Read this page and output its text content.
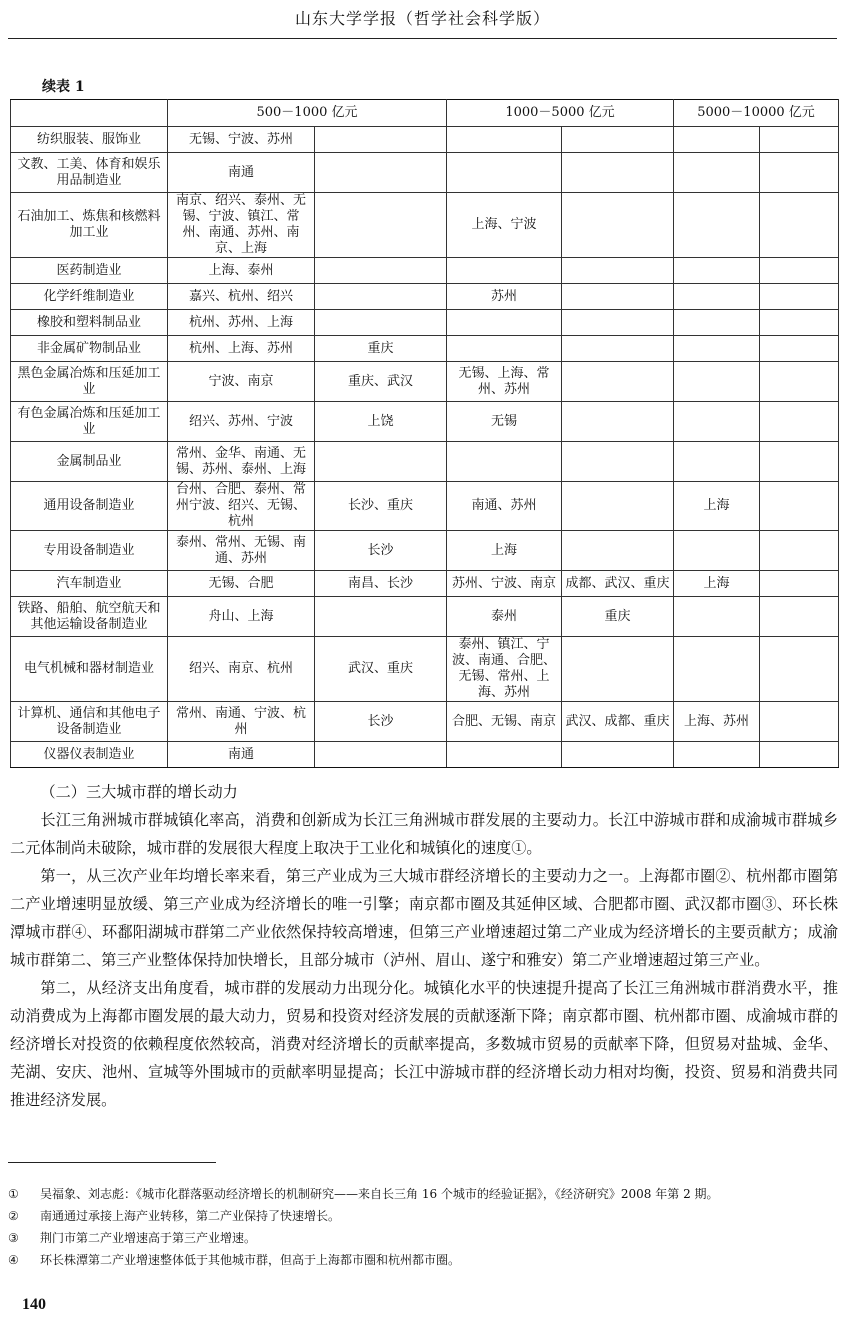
山东大学学报（哲学社会科学版）
续表 1
	500－1000 亿元		1000－5000 亿元		5000－10000 亿元	
纺织服装、服饰业	无锡、宁波、苏州					
文教、工美、体育和娱乐用品制造业	南通					
石油加工、炼焦和核燃料加工业	南京、绍兴、泰州、无锡、宁波、镇江、常州、南通、苏州、南京、上海		上海、宁波			
医药制造业	上海、泰州					
化学纤维制造业	嘉兴、杭州、绍兴		苏州			
橡胶和塑料制品业	杭州、苏州、上海					
非金属矿物制品业	杭州、上海、苏州	重庆				
黑色金属冶炼和压延加工业	宁波、南京	重庆、武汉	无锡、上海、常州、苏州			
有色金属冶炼和压延加工业	绍兴、苏州、宁波	上饶	无锡			
金属制品业	常州、金华、南通、无锡、苏州、泰州、上海					
通用设备制造业	台州、合肥、泰州、常州宁波、绍兴、无锡、杭州	长沙、重庆	南通、苏州		上海	
专用设备制造业	泰州、常州、无锡、南通、苏州	长沙	上海			
汽车制造业	无锡、合肥	南昌、长沙	苏州、宁波、南京	成都、武汉、重庆	上海	
铁路、船舶、航空航天和其他运输设备制造业	舟山、上海		泰州	重庆		
电气机械和器材制造业	绍兴、南京、杭州	武汉、重庆	泰州、镇江、宁波、南通、合肥、无锡、常州、上海、苏州			
计算机、通信和其他电子设备制造业	常州、南通、宁波、杭州	长沙	合肥、无锡、南京	武汉、成都、重庆	上海、苏州	
仪器仪表制造业	南通					

（二）三大城市群的增长动力

长江三角洲城市群城镇化率高，消费和创新成为长江三角洲城市群发展的主要动力。长江中游城市群和成渝城市群城乡二元体制尚未破除，城市群的发展很大程度上取决于工业化和城镇化的速度①。

第一，从三次产业年均增长率来看，第三产业成为三大城市群经济增长的主要动力之一。上海都市圈②、杭州都市圈第二产业增速明显放缓、第三产业成为经济增长的唯一引擎；南京都市圈及其延伸区域、合肥都市圈、武汉都市圈③、环长株潭城市群④、环鄱阳湖城市群第二产业依然保持较高增速，但第三产业增速超过第二产业成为经济增长的主要贡献方；成渝城市群第二、第三产业整体保持加快增长，且部分城市（泸州、眉山、遂宁和雅安）第二产业增速超过第三产业。

第二，从经济支出角度看，城市群的发展动力出现分化。城镇化水平的快速提升提高了长江三角洲城市群消费水平，推动消费成为上海都市圈发展的最大动力，贸易和投资对经济发展的贡献逐渐下降；南京都市圈、杭州都市圈、成渝城市群的经济增长对投资的依赖程度依然较高，消费对经济增长的贡献率提高，多数城市贸易的贡献率下降，但贸易对盐城、金华、芜湖、安庆、池州、宣城等外围城市的贡献率明显提高；长江中游城市群的经济增长动力相对均衡，投资、贸易和消费共同推进经济发展。

①	吴福象、刘志彪：《城市化群落驱动经济增长的机制研究——来自长三角 16 个城市的经验证据》，《经济研究》2008 年第 2 期。
②	南通通过承接上海产业转移，第二产业保持了快速增长。
③	荆门市第二产业增速高于第三产业增速。
④	环长株潭第二产业增速整体低于其他城市群，但高于上海都市圈和杭州都市圈。
140
